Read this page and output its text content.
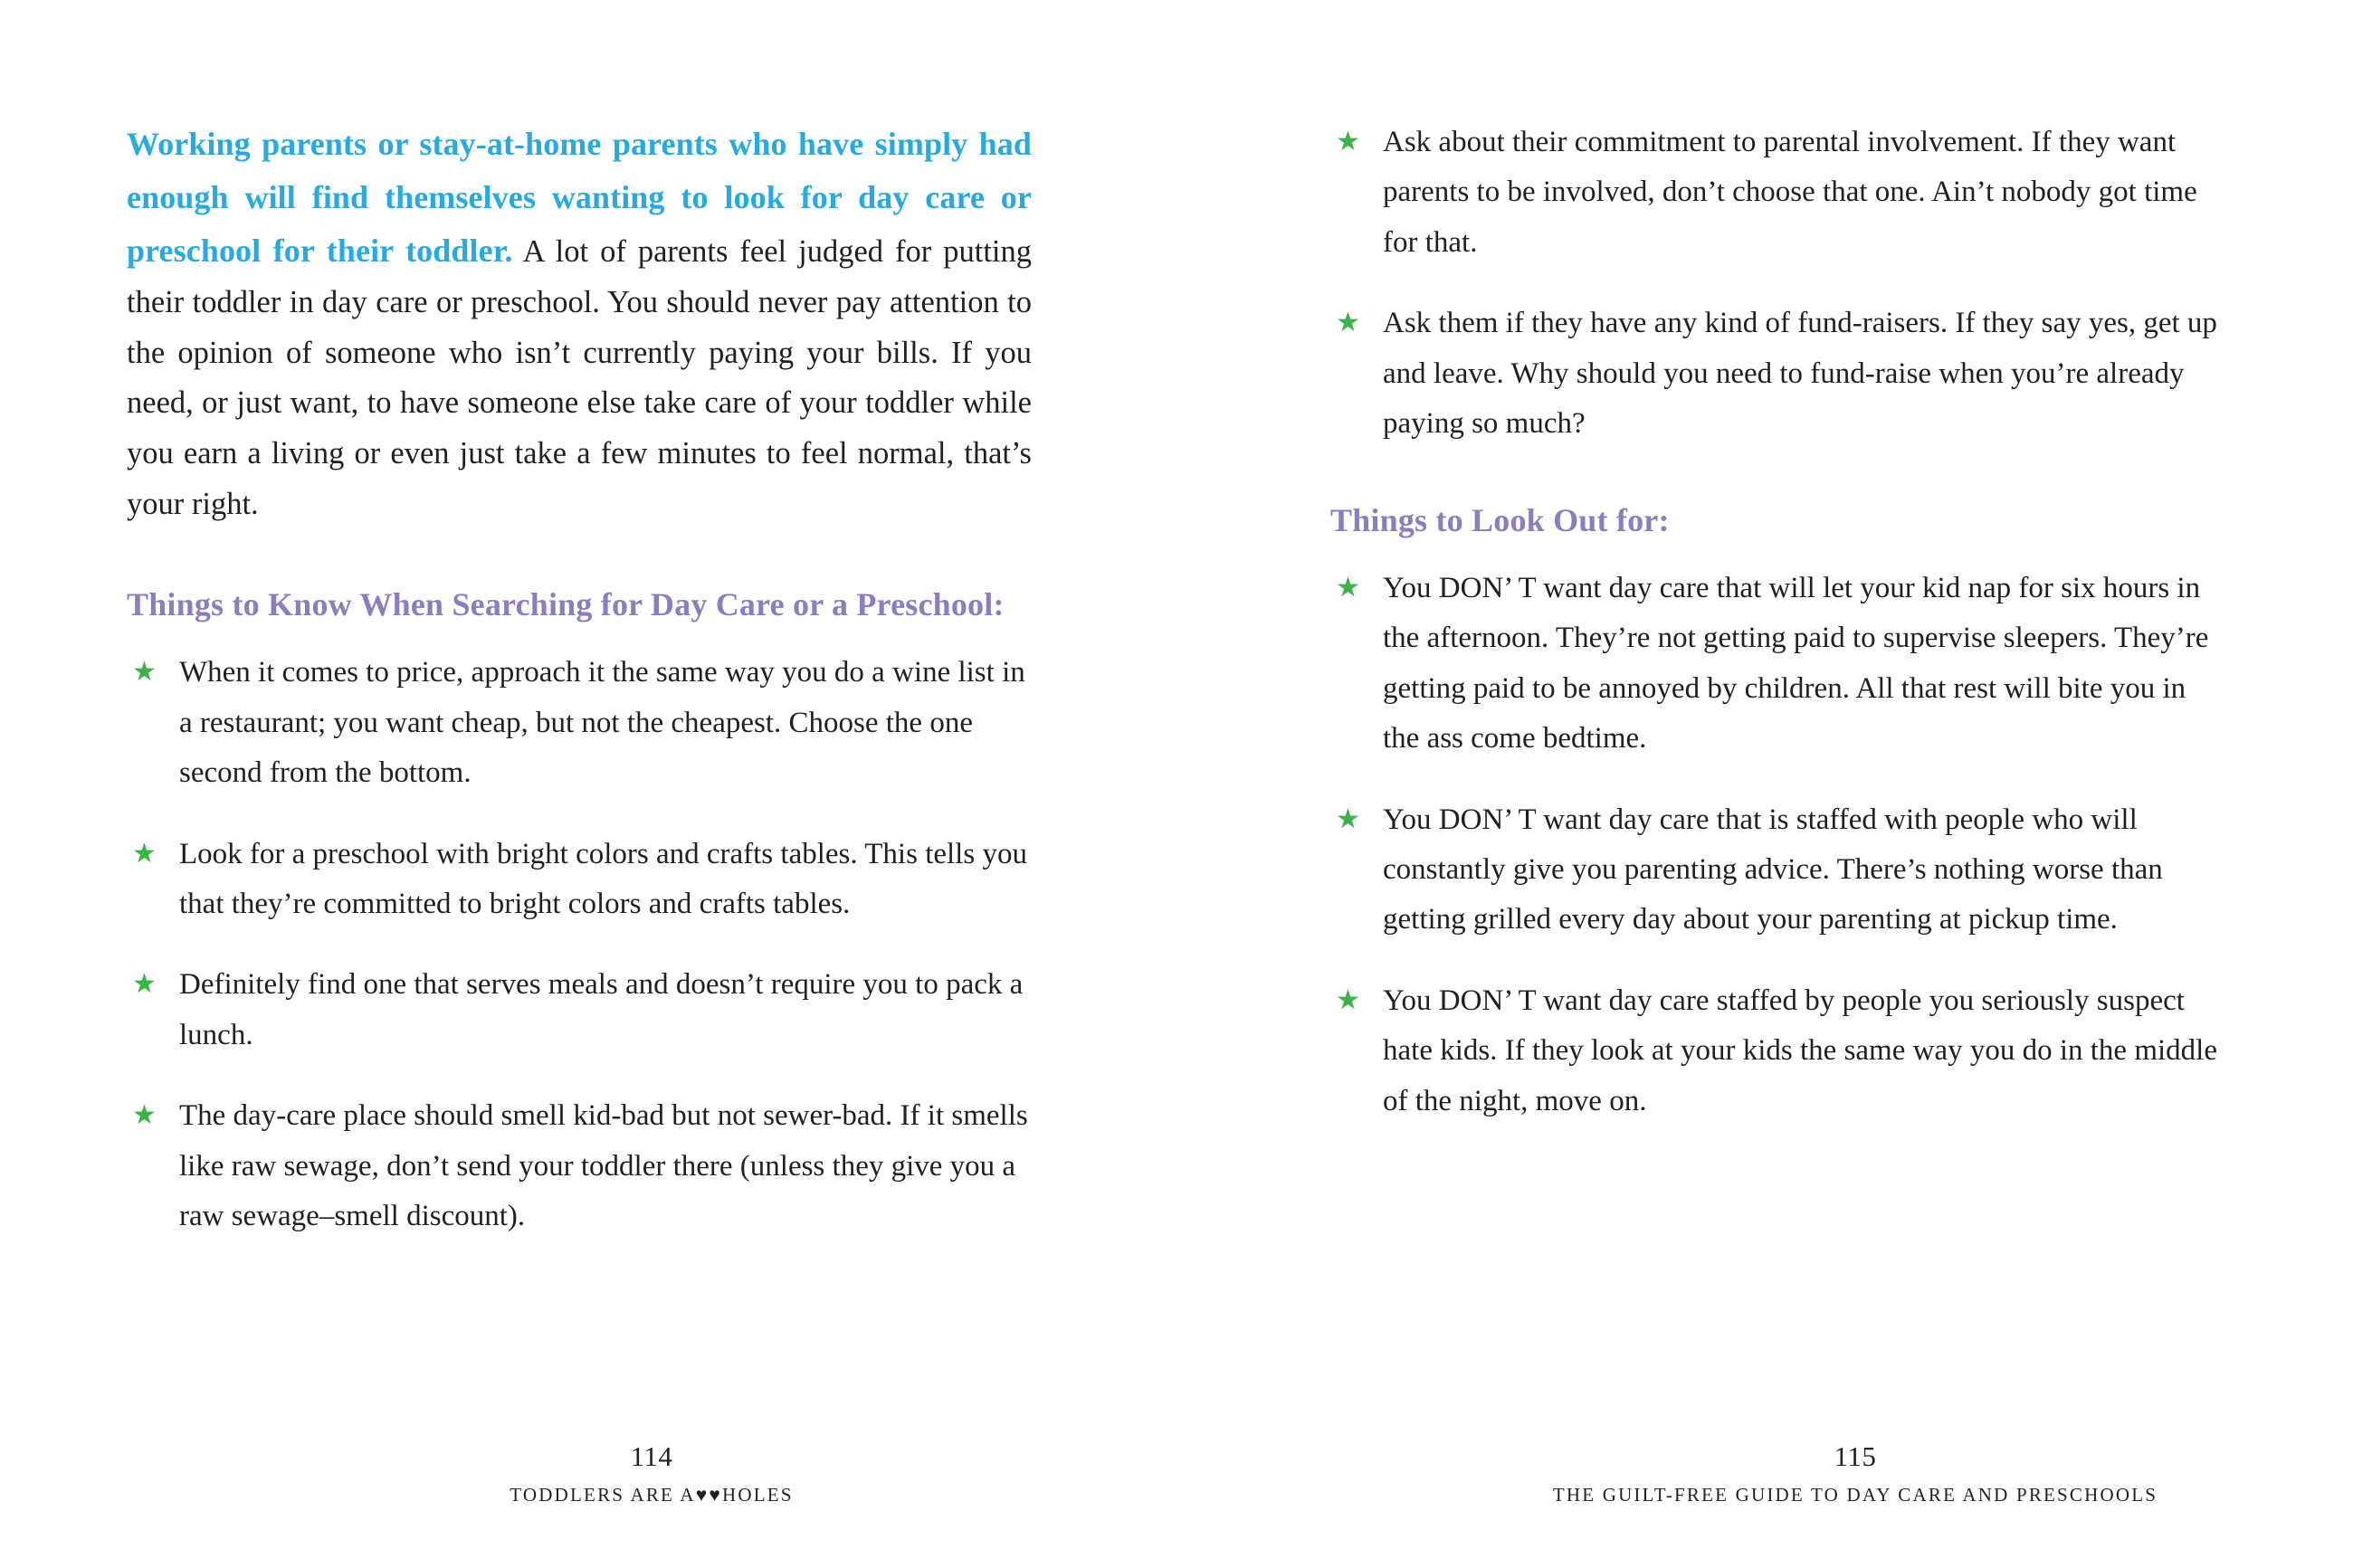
Working parents or stay-at-home parents who have simply had enough will find themselves wanting to look for day care or preschool for their toddler. A lot of parents feel judged for putting their toddler in day care or preschool. You should never pay attention to the opinion of someone who isn’t currently paying your bills. If you need, or just want, to have someone else take care of your toddler while you earn a living or even just take a few minutes to feel normal, that’s your right.

Things to Know When Searching for Day Care or a Preschool:
★ When it comes to price, approach it the same way you do a wine list in a restaurant; you want cheap, but not the cheapest. Choose the one second from the bottom.
★ Look for a preschool with bright colors and crafts tables. This tells you that they’re committed to bright colors and crafts tables.
★ Definitely find one that serves meals and doesn’t require you to pack a lunch.
★ The day-care place should smell kid-bad but not sewer-bad. If it smells like raw sewage, don’t send your toddler there (unless they give you a raw sewage–smell discount).
114
TODDLERS ARE A♥♥HOLES
★ Ask about their commitment to parental involvement. If they want parents to be involved, don’t choose that one. Ain’t nobody got time for that.
★ Ask them if they have any kind of fund-raisers. If they say yes, get up and leave. Why should you need to fund-raise when you’re already paying so much?
Things to Look Out for:
★ You DON’ T want day care that will let your kid nap for six hours in the afternoon. They’re not getting paid to supervise sleepers. They’re getting paid to be annoyed by children. All that rest will bite you in the ass come bedtime.
★ You DON’ T want day care that is staffed with people who will constantly give you parenting advice. There’s nothing worse than getting grilled every day about your parenting at pickup time.
★ You DON’ T want day care staffed by people you seriously suspect hate kids. If they look at your kids the same way you do in the middle of the night, move on.
115
THE GUILT-FREE GUIDE TO DAY CARE AND PRESCHOOLS
